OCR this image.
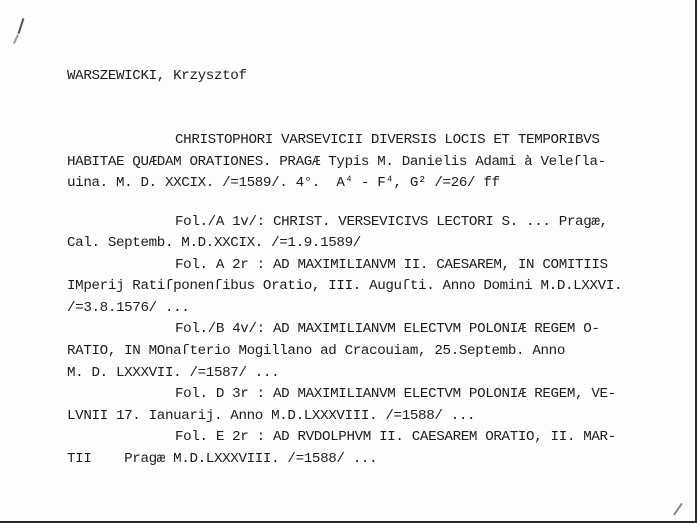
WARSZEWICKI, Krzysztof
CHRISTOPHORI VARSEVICII DIVERSIS LOCIS ET TEMPORIBVS
HABITAE QUÆDAM ORATIONES. PRAGÆ Typis M. Danielis Adami à Veleſla-
uina. M. D. XXCIX. /=1589/. 4°.  A⁴ - F⁴, G² /=26/ ff
Fol./A 1v/: CHRIST. VERSEVICIVS LECTORI S. ... Pragæ,
Cal. Septemb. M.D.XXCIX. /=1.9.1589/
Fol. A 2r : AD MAXIMILIANVM II. CAESAREM, IN COMITIIS
IMperij Ratiſponenſibus Oratio, III. Auguſti. Anno Domini M.D.LXXVI.
/=3.8.1576/ ...
Fol./B 4v/: AD MAXIMILIANVM ELECTVM POLONIÆ REGEM O-
RATIO, IN MOnaſterio Mogillano ad Cracouiam, 25.Septemb. Anno
M. D. LXXXVII. /=1587/ ...
Fol. D 3r : AD MAXIMILIANVM ELECTVM POLONIÆ REGEM, VE-
LVNII 17. Ianuarij. Anno M.D.LXXXVIII. /=1588/ ...
Fol. E 2r : AD RVDOLPHVM II. CAESAREM ORATIO, II. MAR-
TII    Pragæ M.D.LXXXVIII. /=1588/ ...
